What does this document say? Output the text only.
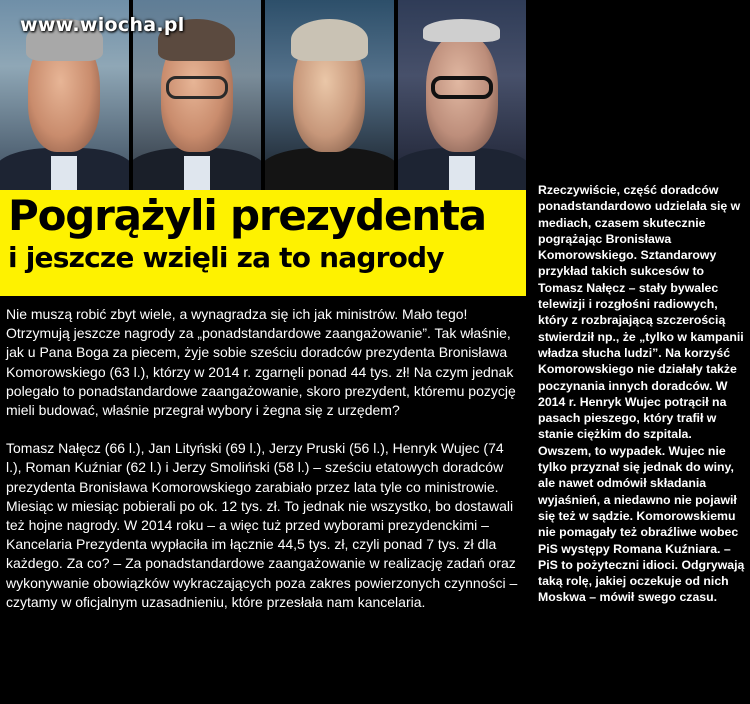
www.wiocha.pl
Pogrążyli prezydenta
i jeszcze wzięli za to nagrody

Nie muszą robić zbyt wiele, a wynagradza się ich jak ministrów. Mało tego! Otrzymują jeszcze nagrody za „ponadstandardowe zaangażowanie”. Tak właśnie, jak u Pana Boga za piecem, żyje sobie sześciu doradców prezydenta Bronisława Komorowskiego (63 l.), którzy w 2014 r. zgarnęli ponad 44 tys. zł! Na czym jednak polegało to ponadstandardowe zaangażowanie, skoro prezydent, któremu pozycję mieli budować, właśnie przegrał wybory i żegna się z urzędem?

Tomasz Nałęcz (66 l.), Jan Lityński (69 l.), Jerzy Pruski (56 l.), Henryk Wujec (74 l.), Roman Kuźniar (62 l.) i Jerzy Smoliński (58 l.) – sześciu etatowych doradców prezydenta Bronisława Komorowskiego zarabiało przez lata tyle co ministrowie. Miesiąc w miesiąc pobierali po ok. 12 tys. zł. To jednak nie wszystko, bo dostawali też hojne nagrody. W 2014 roku – a więc tuż przed wyborami prezydenckimi – Kancelaria Prezydenta wypłaciła im łącznie 44,5 tys. zł, czyli ponad 7 tys. zł dla każdego. Za co? – Za ponadstandardowe zaangażowanie w realizację zadań oraz wykonywanie obowiązków wykraczających poza zakres powierzonych czynności – czytamy w oficjalnym uzasadnieniu, które przesłała nam kancelaria.

Rzeczywiście, część doradców ponadstandardowo udzielała się w mediach, czasem skutecznie pogrążając Bronisława Komorowskiego. Sztandarowy przykład takich sukcesów to Tomasz Nałęcz – stały bywalec telewizji i rozgłośni radiowych, który z rozbrajającą szczerością stwierdził np., że „tylko w kampanii władza słucha ludzi”. Na korzyść Komorowskiego nie działały także poczynania innych doradców. W 2014 r. Henryk Wujec potrącił na pasach pieszego, który trafił w stanie ciężkim do szpitala. Owszem, to wypadek. Wujec nie tylko przyznał się jednak do winy, ale nawet odmówił składania wyjaśnień, a niedawno nie pojawił się też w sądzie. Komorowskiemu nie pomagały też obraźliwe wobec PiS występy Romana Kuźniara. – PiS to pożyteczni idioci. Odgrywają taką rolę, jakiej oczekuje od nich Moskwa – mówił swego czasu.
